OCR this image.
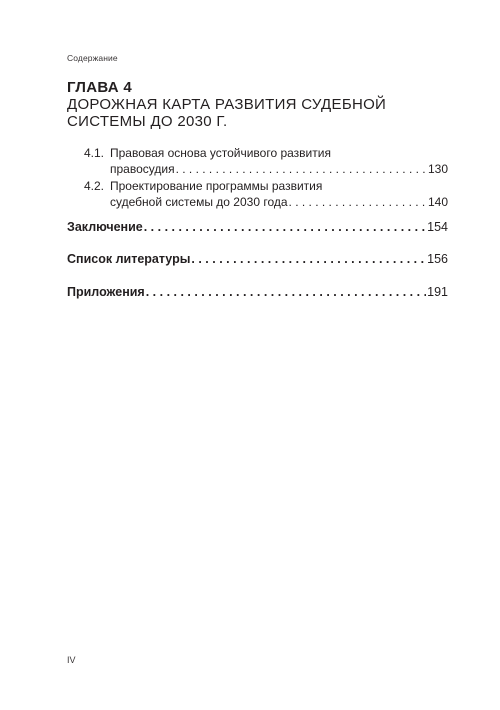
Содержание
ГЛАВА 4
ДОРОЖНАЯ КАРТА РАЗВИТИЯ СУДЕБНОЙ
СИСТЕМЫ ДО 2030 Г.
4.1. Правовая основа устойчивого развития
правосудия . . .	130
4.2. Проектирование программы развития
судебной системы до 2030 года . . .	140
Заключение . . .	154
Список литературы . . .	156
Приложения . . .	191
IV
